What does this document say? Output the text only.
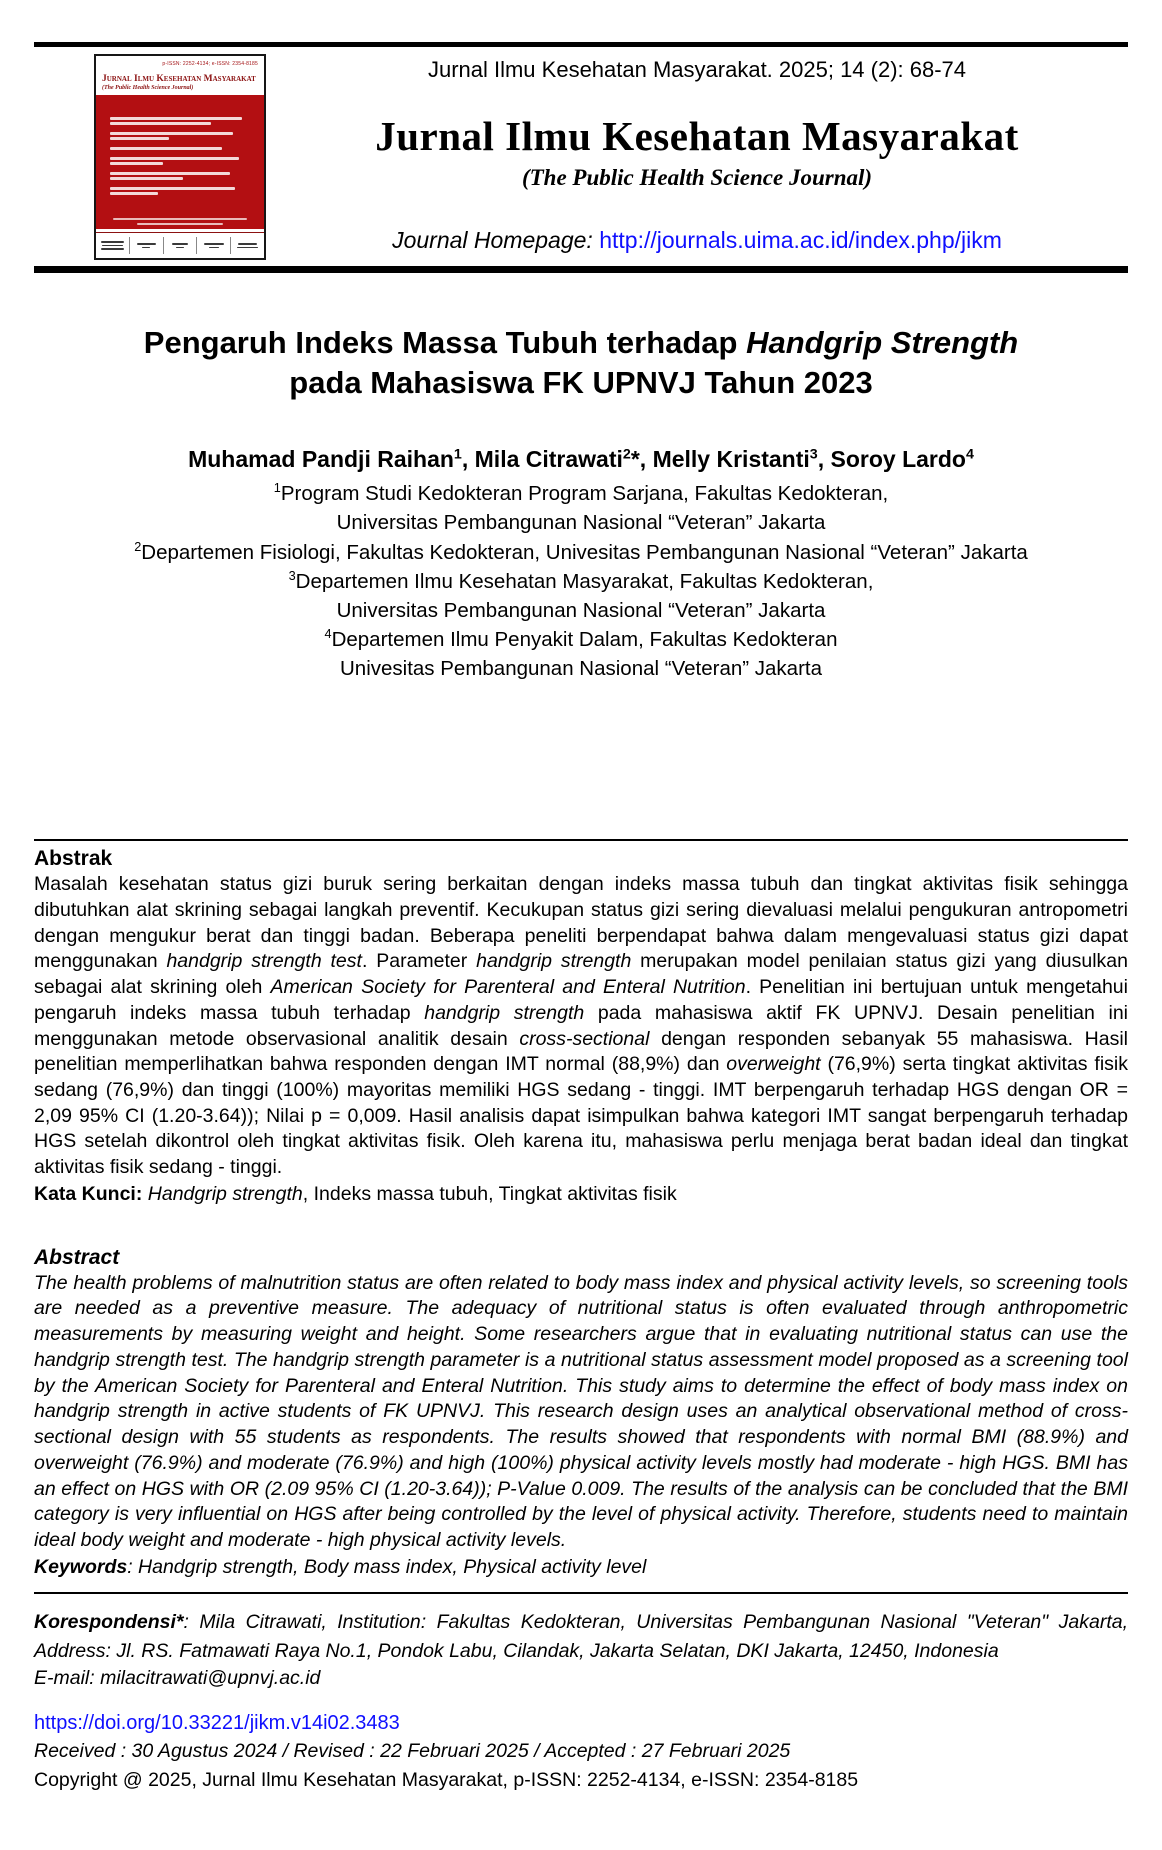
p-ISSN: 2252-4134; e-ISSN: 2354-8185
Jurnal Ilmu Kesehatan Masyarakat
(The Public Health Science Journal)
Jurnal Ilmu Kesehatan Masyarakat. 2025; 14 (2): 68-74
Jurnal Ilmu Kesehatan Masyarakat
(The Public Health Science Journal)
Journal Homepage: http://journals.uima.ac.id/index.php/jikm
Pengaruh Indeks Massa Tubuh terhadap Handgrip Strength
pada Mahasiswa FK UPNVJ Tahun 2023
Muhamad Pandji Raihan$^1$, Mila Citrawati$^2$*, Melly Kristanti$^3$, Soroy Lardo$^4$
$^1$Program Studi Kedokteran Program Sarjana, Fakultas Kedokteran,
Universitas Pembangunan Nasional “Veteran” Jakarta
$^2$Departemen Fisiologi, Fakultas Kedokteran, Univesitas Pembangunan Nasional “Veteran” Jakarta
$^3$Departemen Ilmu Kesehatan Masyarakat, Fakultas Kedokteran,
Universitas Pembangunan Nasional “Veteran” Jakarta
$^4$Departemen Ilmu Penyakit Dalam, Fakultas Kedokteran
Univesitas Pembangunan Nasional “Veteran” Jakarta
Abstrak

Masalah kesehatan status gizi buruk sering berkaitan dengan indeks massa tubuh dan tingkat aktivitas fisik sehingga dibutuhkan alat skrining sebagai langkah preventif. Kecukupan status gizi sering dievaluasi melalui pengukuran antropometri dengan mengukur berat dan tinggi badan. Beberapa peneliti berpendapat bahwa dalam mengevaluasi status gizi dapat menggunakan handgrip strength test. Parameter handgrip strength merupakan model penilaian status gizi yang diusulkan sebagai alat skrining oleh American Society for Parenteral and Enteral Nutrition. Penelitian ini bertujuan untuk mengetahui pengaruh indeks massa tubuh terhadap handgrip strength pada mahasiswa aktif FK UPNVJ. Desain penelitian ini menggunakan metode observasional analitik desain cross-sectional dengan responden sebanyak 55 mahasiswa. Hasil penelitian memperlihatkan bahwa responden dengan IMT normal (88,9%) dan overweight (76,9%) serta tingkat aktivitas fisik sedang (76,9%) dan tinggi (100%) mayoritas memiliki HGS sedang - tinggi. IMT berpengaruh terhadap HGS dengan OR = 2,09 95% CI (1.20-3.64)); Nilai p = 0,009. Hasil analisis dapat isimpulkan bahwa kategori IMT sangat berpengaruh terhadap HGS setelah dikontrol oleh tingkat aktivitas fisik. Oleh karena itu, mahasiswa perlu menjaga berat badan ideal dan tingkat aktivitas fisik sedang - tinggi.

Kata Kunci: Handgrip strength, Indeks massa tubuh, Tingkat aktivitas fisik

Abstract

The health problems of malnutrition status are often related to body mass index and physical activity levels, so screening tools are needed as a preventive measure. The adequacy of nutritional status is often evaluated through anthropometric measurements by measuring weight and height. Some researchers argue that in evaluating nutritional status can use the handgrip strength test. The handgrip strength parameter is a nutritional status assessment model proposed as a screening tool by the American Society for Parenteral and Enteral Nutrition. This study aims to determine the effect of body mass index on handgrip strength in active students of FK UPNVJ. This research design uses an analytical observational method of cross-sectional design with 55 students as respondents. The results showed that respondents with normal BMI (88.9%) and overweight (76.9%) and moderate (76.9%) and high (100%) physical activity levels mostly had moderate - high HGS. BMI has an effect on HGS with OR (2.09 95% CI (1.20-3.64)); P-Value 0.009. The results of the analysis can be concluded that the BMI category is very influential on HGS after being controlled by the level of physical activity. Therefore, students need to maintain ideal body weight and moderate - high physical activity levels.

Keywords: Handgrip strength, Body mass index, Physical activity level

Korespondensi*: Mila Citrawati, Institution: Fakultas Kedokteran, Universitas Pembangunan Nasional "Veteran" Jakarta, Address: Jl. RS. Fatmawati Raya No.1, Pondok Labu, Cilandak, Jakarta Selatan, DKI Jakarta, 12450, Indonesia

E-mail: milacitrawati@upnvj.ac.id

https://doi.org/10.33221/jikm.v14i02.3483

Received : 30 Agustus 2024 / Revised : 22 Februari 2025 / Accepted : 27 Februari 2025

Copyright @ 2025, Jurnal Ilmu Kesehatan Masyarakat, p-ISSN: 2252-4134, e-ISSN: 2354-8185
